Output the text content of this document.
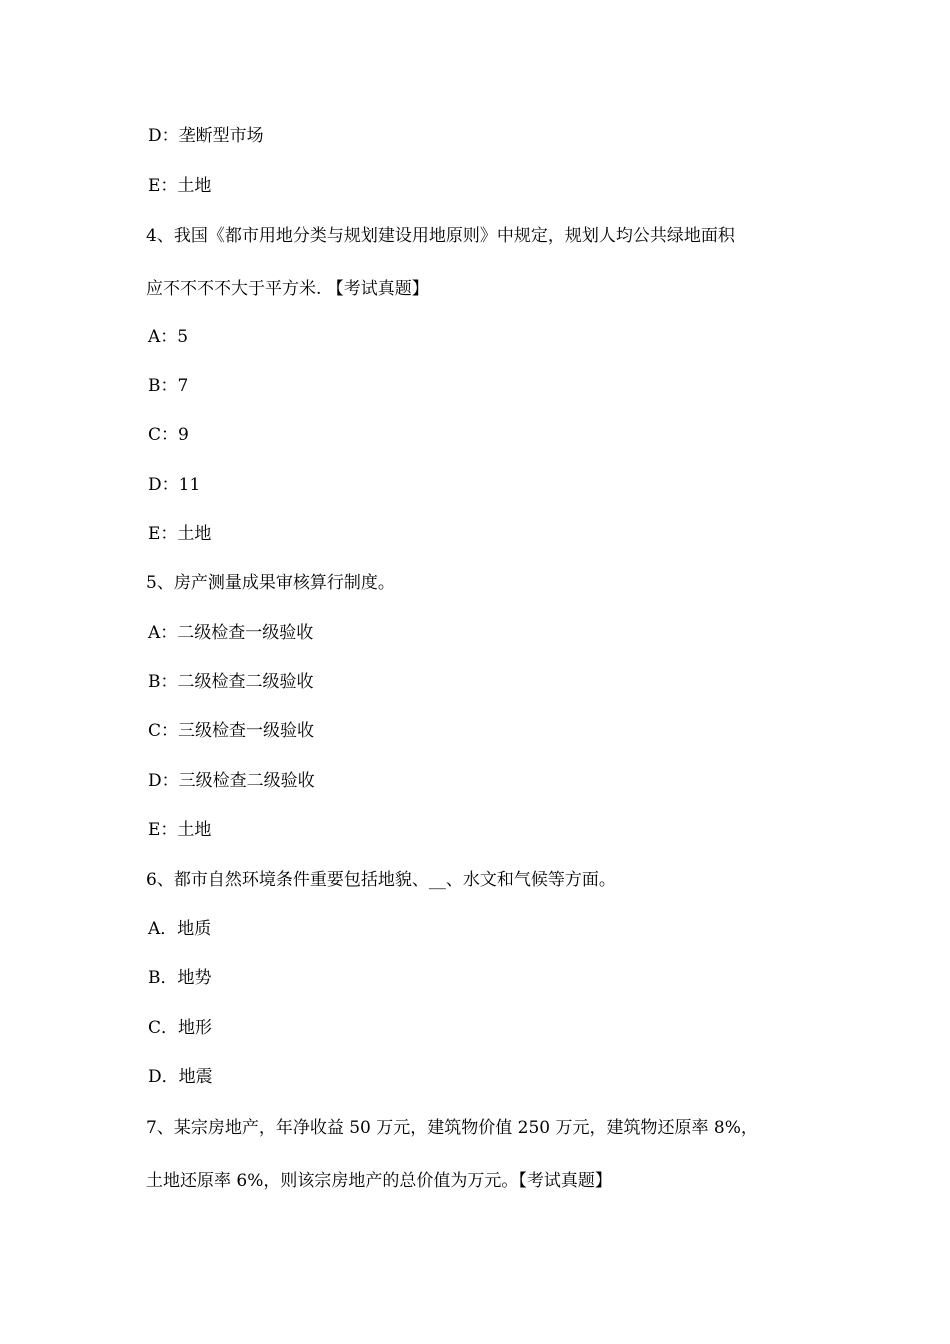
D：垄断型市场
E：土地
4、我国《都市用地分类与规划建设用地原则》中规定，规划人均公共绿地面积
应不不不不大于平方米. 【考试真题】
A：5
B：7
C：9
D：11
E：土地
5、房产测量成果审核算行制度。
A：二级检查一级验收
B：二级检查二级验收
C：三级检查一级验收
D：三级检查二级验收
E：土地
6、都市自然环境条件重要包括地貌、__、水文和气候等方面。
A．地质
B．地势
C．地形
D．地震
7、某宗房地产，年净收益 50 万元，建筑物价值 250 万元，建筑物还原率 8%，
土地还原率 6%，则该宗房地产的总价值为万元。【考试真题】
